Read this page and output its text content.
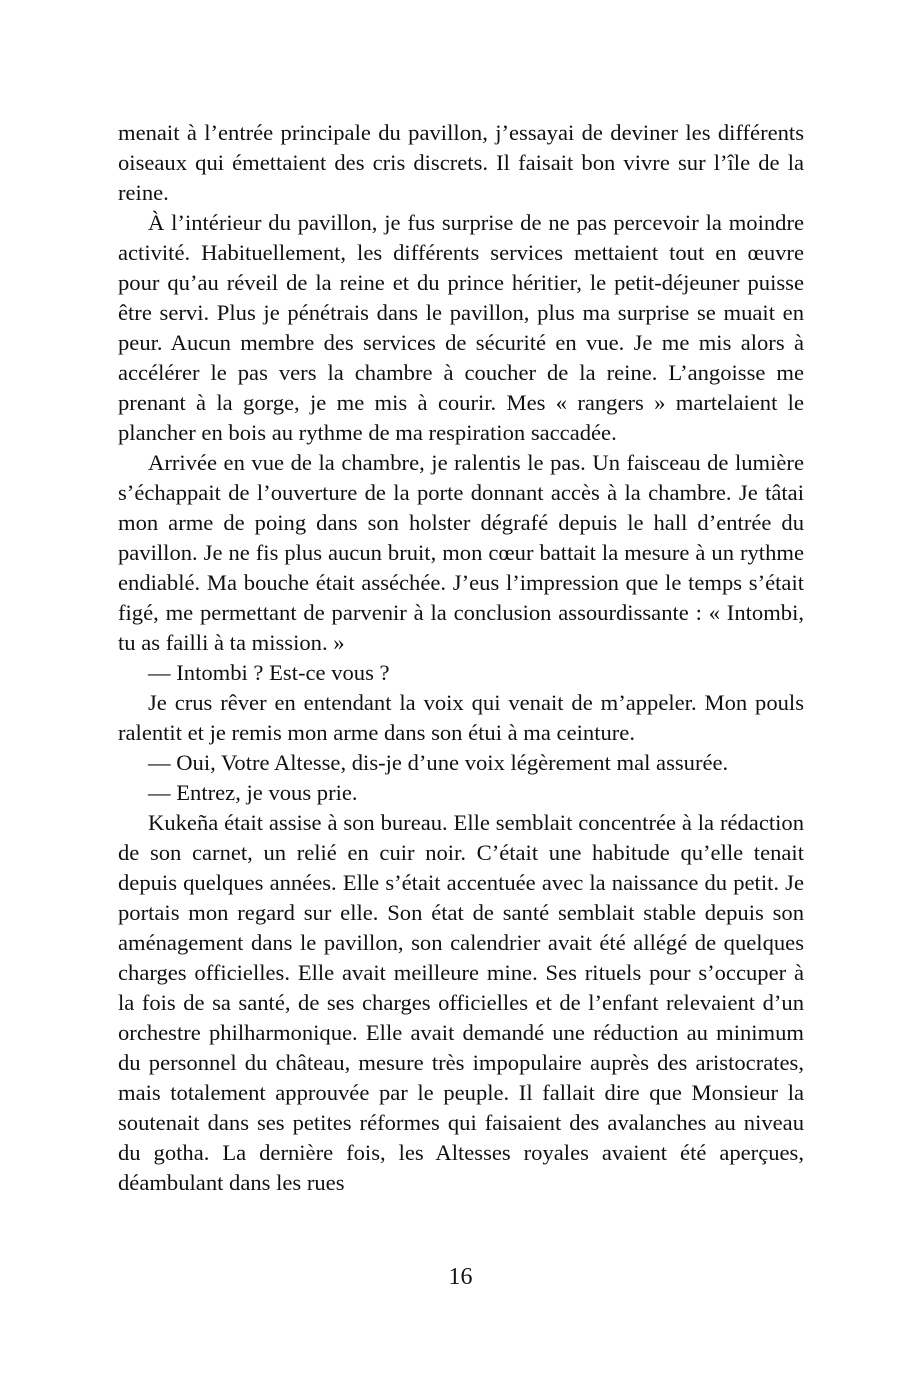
menait à l’entrée principale du pavillon, j’essayai de deviner les différents oiseaux qui émettaient des cris discrets. Il faisait bon vivre sur l’île de la reine.

À l’intérieur du pavillon, je fus surprise de ne pas percevoir la moindre activité. Habituellement, les différents services mettaient tout en œuvre pour qu’au réveil de la reine et du prince héritier, le petit-déjeuner puisse être servi. Plus je pénétrais dans le pavillon, plus ma surprise se muait en peur. Aucun membre des services de sécurité en vue. Je me mis alors à accélérer le pas vers la chambre à coucher de la reine. L’angoisse me prenant à la gorge, je me mis à courir. Mes « rangers » martelaient le plancher en bois au rythme de ma respiration saccadée.

Arrivée en vue de la chambre, je ralentis le pas. Un faisceau de lumière s’échappait de l’ouverture de la porte donnant accès à la chambre. Je tâtai mon arme de poing dans son holster dégrafé depuis le hall d’entrée du pavillon. Je ne fis plus aucun bruit, mon cœur battait la mesure à un rythme endiablé. Ma bouche était asséchée. J’eus l’impression que le temps s’était figé, me permettant de parvenir à la conclusion assourdissante : « Intombi, tu as failli à ta mission. »

— Intombi ? Est-ce vous ?

Je crus rêver en entendant la voix qui venait de m’appeler. Mon pouls ralentit et je remis mon arme dans son étui à ma ceinture.

— Oui, Votre Altesse, dis-je d’une voix légèrement mal assurée.

— Entrez, je vous prie.

Kukeña était assise à son bureau. Elle semblait concentrée à la rédaction de son carnet, un relié en cuir noir. C’était une habitude qu’elle tenait depuis quelques années. Elle s’était accentuée avec la naissance du petit. Je portais mon regard sur elle. Son état de santé semblait stable depuis son aménagement dans le pavillon, son calendrier avait été allégé de quelques charges officielles. Elle avait meilleure mine. Ses rituels pour s’occuper à la fois de sa santé, de ses charges officielles et de l’enfant relevaient d’un orchestre philharmonique. Elle avait demandé une réduction au minimum du personnel du château, mesure très impopulaire auprès des aristocrates, mais totalement approuvée par le peuple. Il fallait dire que Monsieur la soutenait dans ses petites réformes qui faisaient des avalanches au niveau du gotha. La dernière fois, les Altesses royales avaient été aperçues, déambulant dans les rues

16
